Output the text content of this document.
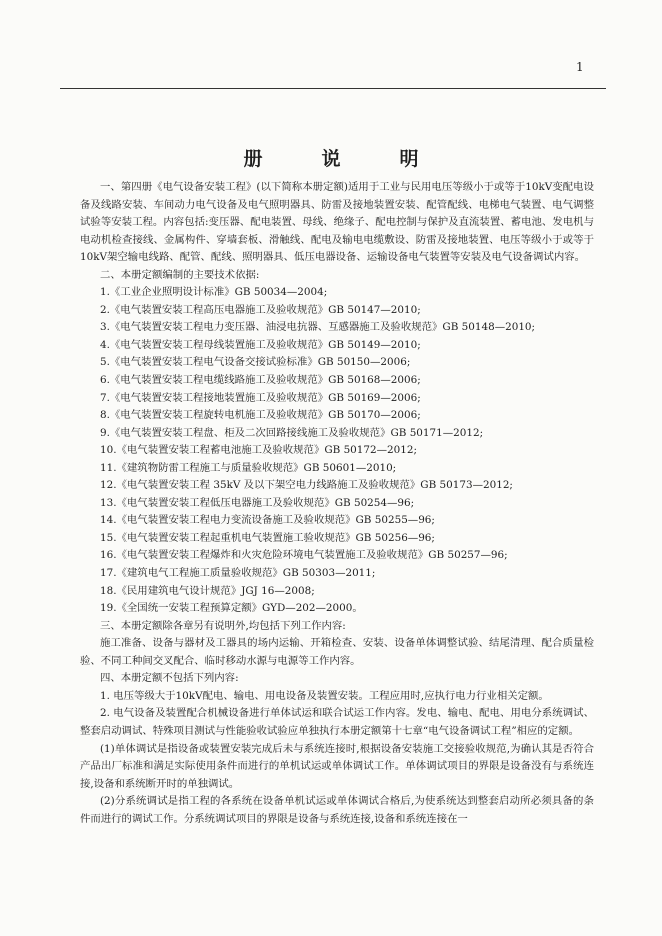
1
册　说　明

一、第四册《电气设备安装工程》(以下简称本册定额)适用于工业与民用电压等级小于或等于10kV变配电设备及线路安装、车间动力电气设备及电气照明器具、防雷及接地装置安装、配管配线、电梯电气装置、电气调整试验等安装工程。内容包括:变压器、配电装置、母线、绝缘子、配电控制与保护及直流装置、蓄电池、发电机与电动机检查接线、金属构件、穿墙套板、滑触线、配电及输电电缆敷设、防雷及接地装置、电压等级小于或等于10kV架空输电线路、配管、配线、照明器具、低压电器设备、运输设备电气装置等安装及电气设备调试内容。

二、本册定额编制的主要技术依据:

1.《工业企业照明设计标准》GB 50034—2004;
2.《电气装置安装工程高压电器施工及验收规范》GB 50147—2010;
3.《电气装置安装工程电力变压器、油浸电抗器、互感器施工及验收规范》GB 50148—2010;
4.《电气装置安装工程母线装置施工及验收规范》GB 50149—2010;
5.《电气装置安装工程电气设备交接试验标准》GB 50150—2006;
6.《电气装置安装工程电缆线路施工及验收规范》GB 50168—2006;
7.《电气装置安装工程接地装置施工及验收规范》GB 50169—2006;
8.《电气装置安装工程旋转电机施工及验收规范》GB 50170—2006;
9.《电气装置安装工程盘、柜及二次回路接线施工及验收规范》GB 50171—2012;
10.《电气装置安装工程蓄电池施工及验收规范》GB 50172—2012;
11.《建筑物防雷工程施工与质量验收规范》GB 50601—2010;
12.《电气装置安装工程 35kV 及以下架空电力线路施工及验收规范》GB 50173—2012;
13.《电气装置安装工程低压电器施工及验收规范》GB 50254—96;
14.《电气装置安装工程电力变流设备施工及验收规范》GB 50255—96;
15.《电气装置安装工程起重机电气装置施工验收规范》GB 50256—96;
16.《电气装置安装工程爆炸和火灾危险环境电气装置施工及验收规范》GB 50257—96;
17.《建筑电气工程施工质量验收规范》GB 50303—2011;
18.《民用建筑电气设计规范》JGJ 16—2008;
19.《全国统一安装工程预算定额》GYD—202—2000。

三、本册定额除各章另有说明外,均包括下列工作内容:

施工准备、设备与器材及工器具的场内运输、开箱检查、安装、设备单体调整试验、结尾清理、配合质量检验、不同工种间交叉配合、临时移动水源与电源等工作内容。

四、本册定额不包括下列内容:

1. 电压等级大于10kV配电、输电、用电设备及装置安装。工程应用时,应执行电力行业相关定额。

2. 电气设备及装置配合机械设备进行单体试运和联合试运工作内容。发电、输电、配电、用电分系统调试、整套启动调试、特殊项目测试与性能验收试验应单独执行本册定额第十七章“电气设备调试工程”相应的定额。

(1)单体调试是指设备或装置安装完成后未与系统连接时,根据设备安装施工交接验收规范,为确认其是否符合产品出厂标准和满足实际使用条件而进行的单机试运或单体调试工作。单体调试项目的界限是设备没有与系统连接,设备和系统断开时的单独调试。

(2)分系统调试是指工程的各系统在设备单机试运或单体调试合格后,为使系统达到整套启动所必须具备的条件而进行的调试工作。分系统调试项目的界限是设备与系统连接,设备和系统连接在一
